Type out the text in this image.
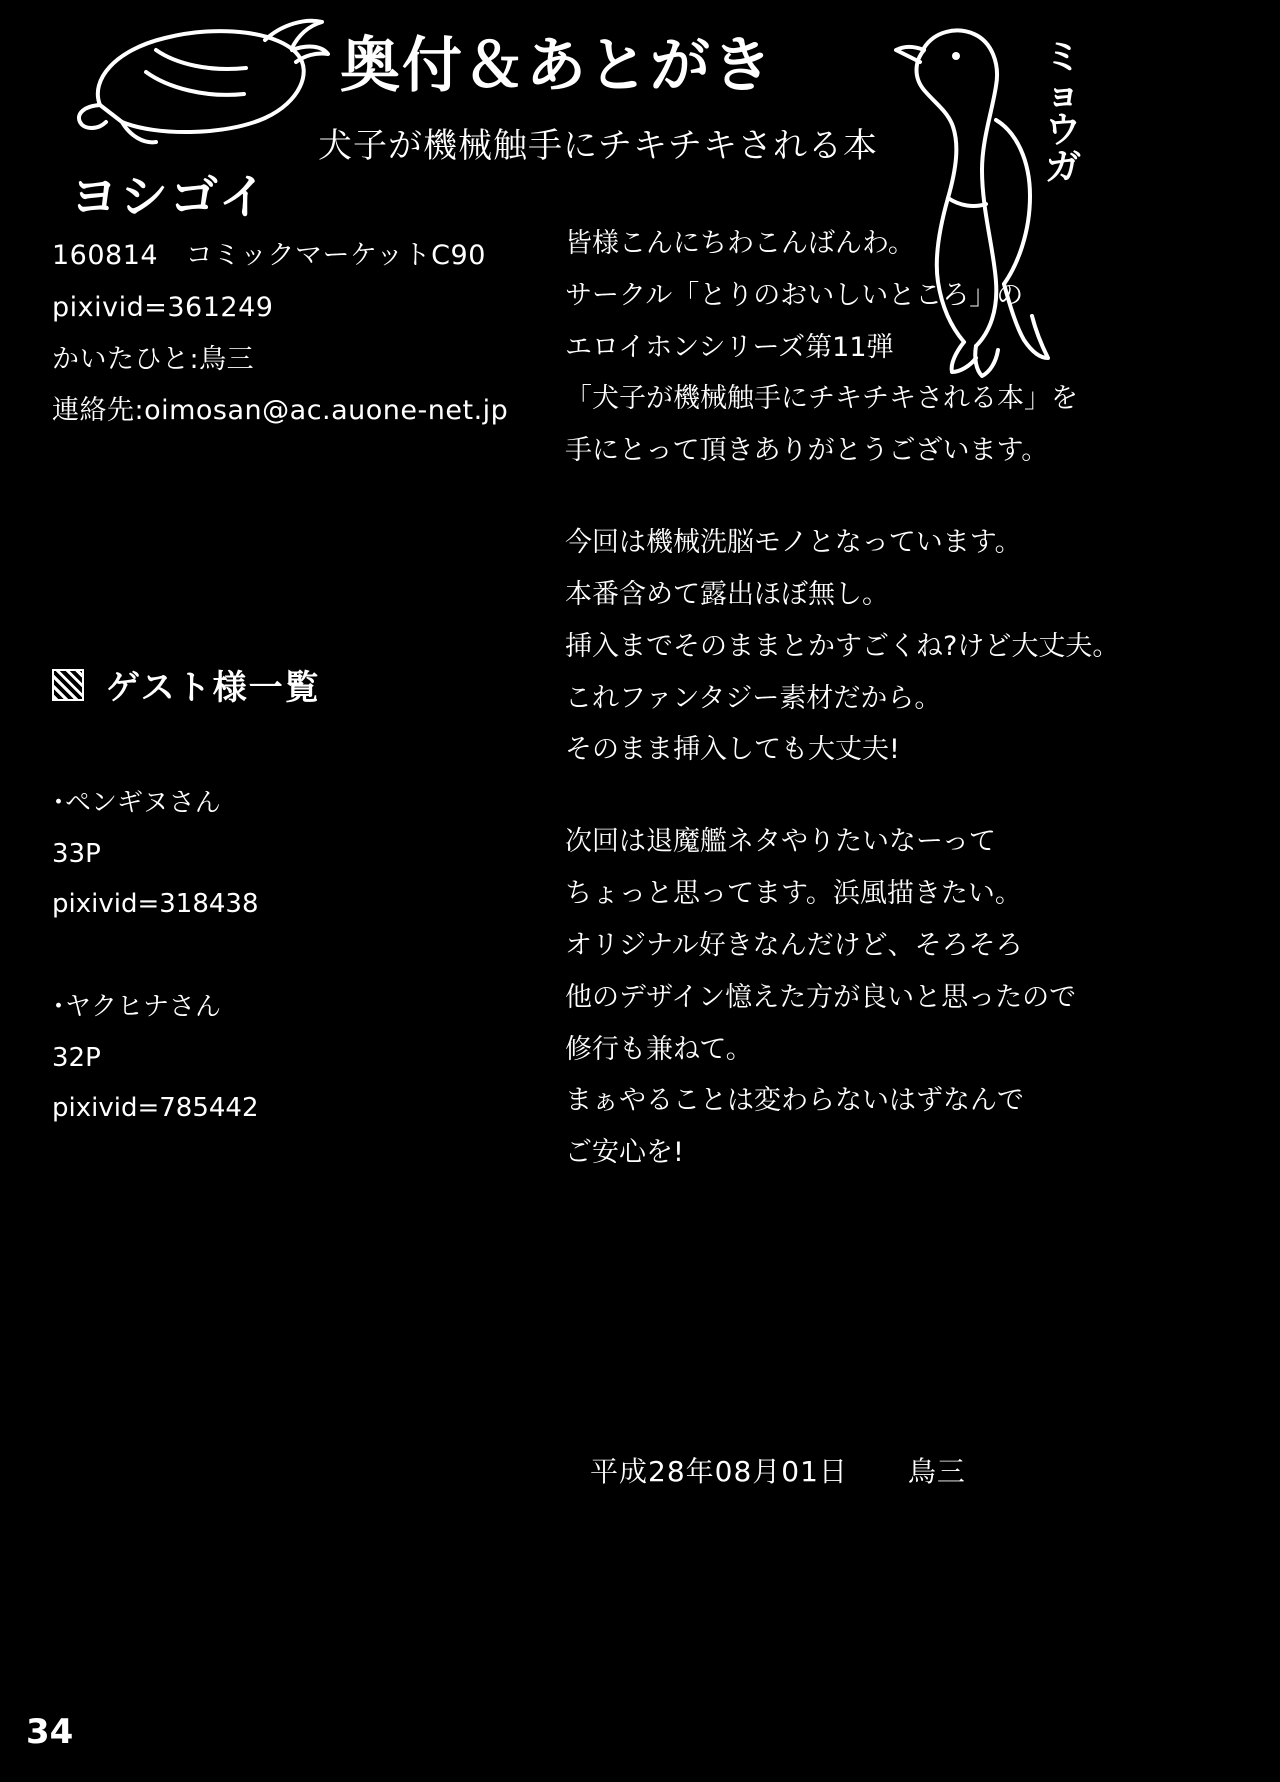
ヨシゴイ
奥付＆あとがき
犬子が機械触手にチキチキされる本
ミョウガ
160814　コミックマーケットC90
pixivid=361249
かいたひと:鳥三
連絡先:oimosan@ac.auone-net.jp
ゲスト様一覧
･ペンギヌさん
33P
pixivid=318438
･ヤクヒナさん
32P
pixivid=785442
皆様こんにちわこんばんわ。
サークル「とりのおいしいところ」の
エロイホンシリーズ第11弾
「犬子が機械触手にチキチキされる本」を
手にとって頂きありがとうございます。
今回は機械洗脳モノとなっています。
本番含めて露出ほぼ無し。
挿入までそのままとかすごくね?けど大丈夫。
これファンタジー素材だから。
そのまま挿入しても大丈夫!
次回は退魔艦ネタやりたいなーって
ちょっと思ってます。浜風描きたい。
オリジナル好きなんだけど、そろそろ
他のデザイン憶えた方が良いと思ったので
修行も兼ねて。
まぁやることは変わらないはずなんで
ご安心を!
平成28年08月01日 鳥三
34
